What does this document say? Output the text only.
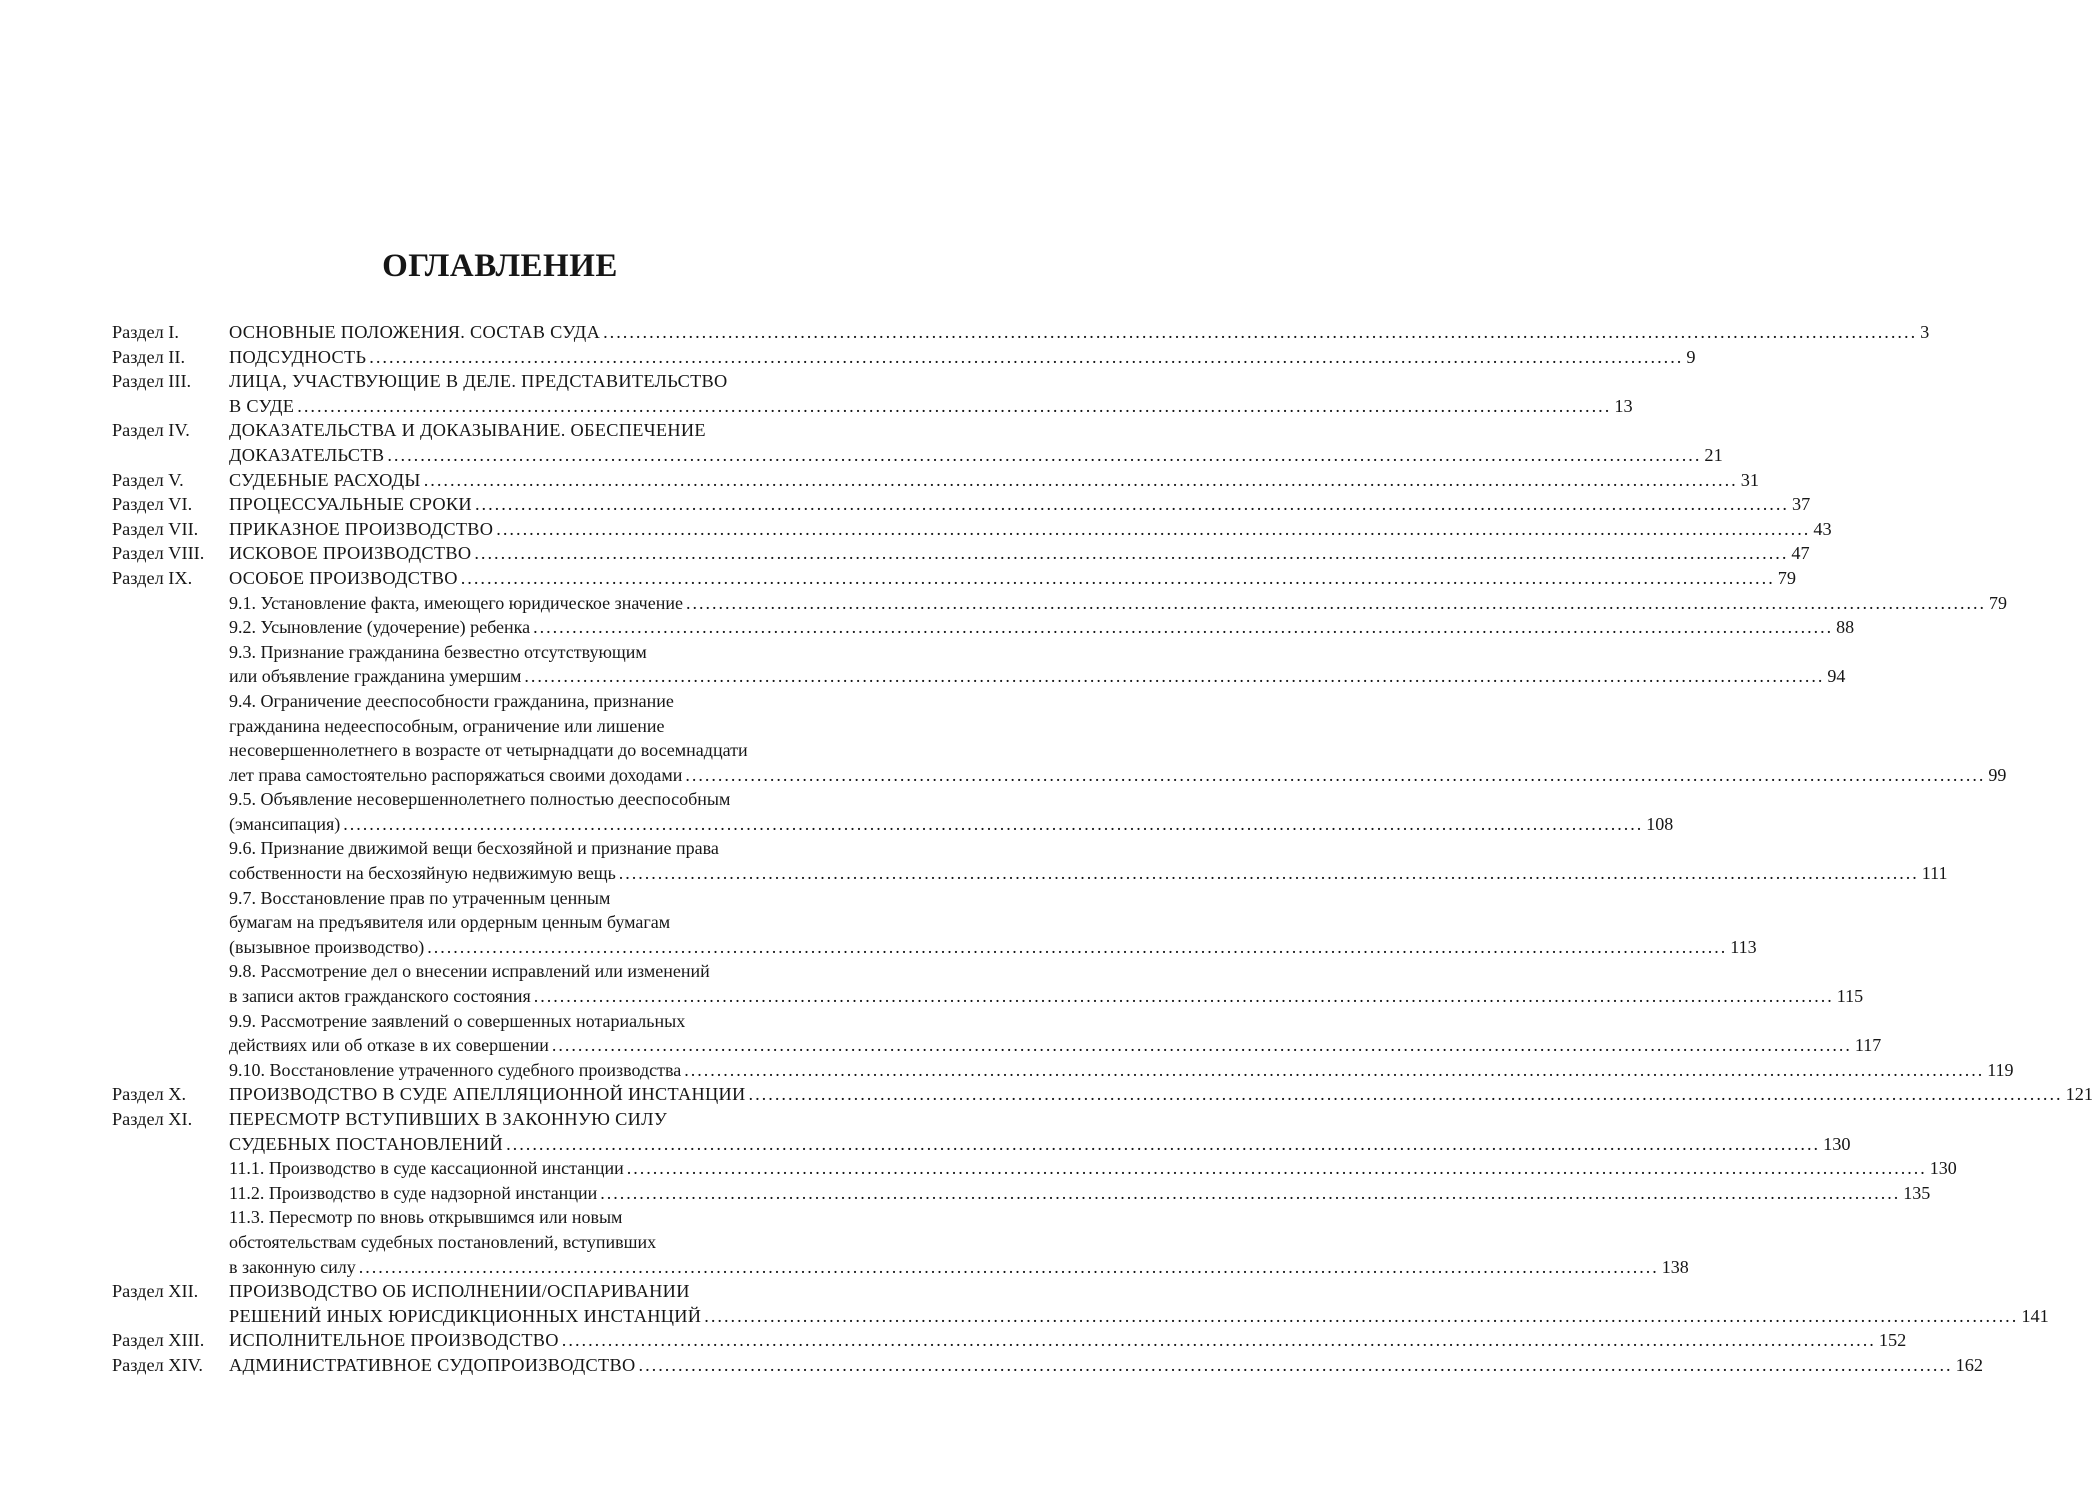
ОГЛАВЛЕНИЕ
Раздел I.	ОСНОВНЫЕ ПОЛОЖЕНИЯ. СОСТАВ СУДА ........................................................................................................................................................................................................ 3
Раздел II.	ПОДСУДНОСТЬ ........................................................................................................................................................................................................ 9
Раздел III.	ЛИЦА, УЧАСТВУЮЩИЕ В ДЕЛЕ. ПРЕДСТАВИТЕЛЬСТВО
В СУДЕ ........................................................................................................................................................................................................ 13
Раздел IV.	ДОКАЗАТЕЛЬСТВА И ДОКАЗЫВАНИЕ. ОБЕСПЕЧЕНИЕ
ДОКАЗАТЕЛЬСТВ ........................................................................................................................................................................................................ 21
Раздел V.	СУДЕБНЫЕ РАСХОДЫ ........................................................................................................................................................................................................ 31
Раздел VI.	ПРОЦЕССУАЛЬНЫЕ СРОКИ ........................................................................................................................................................................................................ 37
Раздел VII.	ПРИКАЗНОЕ ПРОИЗВОДСТВО ........................................................................................................................................................................................................ 43
Раздел VIII.	ИСКОВОЕ ПРОИЗВОДСТВО ........................................................................................................................................................................................................ 47
Раздел IX.	ОСОБОЕ ПРОИЗВОДСТВО ........................................................................................................................................................................................................ 79
9.1. Установление факта, имеющего юридическое значение ........................................................................................................................................................................................................ 79
9.2. Усыновление (удочерение) ребенка ........................................................................................................................................................................................................ 88
9.3. Признание гражданина безвестно отсутствующим
или объявление гражданина умершим ........................................................................................................................................................................................................ 94
9.4. Ограничение дееспособности гражданина, признание
гражданина недееспособным, ограничение или лишение
несовершеннолетнего в возрасте от четырнадцати до восемнадцати
лет права самостоятельно распоряжаться своими доходами ........................................................................................................................................................................................................ 99
9.5. Объявление несовершеннолетнего полностью дееспособным
(эмансипация) ........................................................................................................................................................................................................ 108
9.6. Признание движимой вещи бесхозяйной и признание права
собственности на бесхозяйную недвижимую вещь ........................................................................................................................................................................................................ 111
9.7. Восстановление прав по утраченным ценным
бумагам на предъявителя или ордерным ценным бумагам
(вызывное производство) ........................................................................................................................................................................................................ 113
9.8. Рассмотрение дел о внесении исправлений или изменений
в записи актов гражданского состояния ........................................................................................................................................................................................................ 115
9.9. Рассмотрение заявлений о совершенных нотариальных
действиях или об отказе в их совершении ........................................................................................................................................................................................................ 117
9.10. Восстановление утраченного судебного производства ........................................................................................................................................................................................................ 119
Раздел X.	ПРОИЗВОДСТВО В СУДЕ АПЕЛЛЯЦИОННОЙ ИНСТАНЦИИ ........................................................................................................................................................................................................ 121
Раздел XI.	ПЕРЕСМОТР ВСТУПИВШИХ В ЗАКОННУЮ СИЛУ
СУДЕБНЫХ ПОСТАНОВЛЕНИЙ ........................................................................................................................................................................................................ 130
11.1. Производство в суде кассационной инстанции ........................................................................................................................................................................................................ 130
11.2. Производство в суде надзорной инстанции ........................................................................................................................................................................................................ 135
11.3. Пересмотр по вновь открывшимся или новым
обстоятельствам судебных постановлений, вступивших
в законную силу ........................................................................................................................................................................................................ 138
Раздел XII.	ПРОИЗВОДСТВО ОБ ИСПОЛНЕНИИ/ОСПАРИВАНИИ
РЕШЕНИЙ ИНЫХ ЮРИСДИКЦИОННЫХ ИНСТАНЦИЙ ........................................................................................................................................................................................................ 141
Раздел XIII.	ИСПОЛНИТЕЛЬНОЕ ПРОИЗВОДСТВО ........................................................................................................................................................................................................ 152
Раздел XIV.	АДМИНИСТРАТИВНОЕ СУДОПРОИЗВОДСТВО ........................................................................................................................................................................................................ 162
